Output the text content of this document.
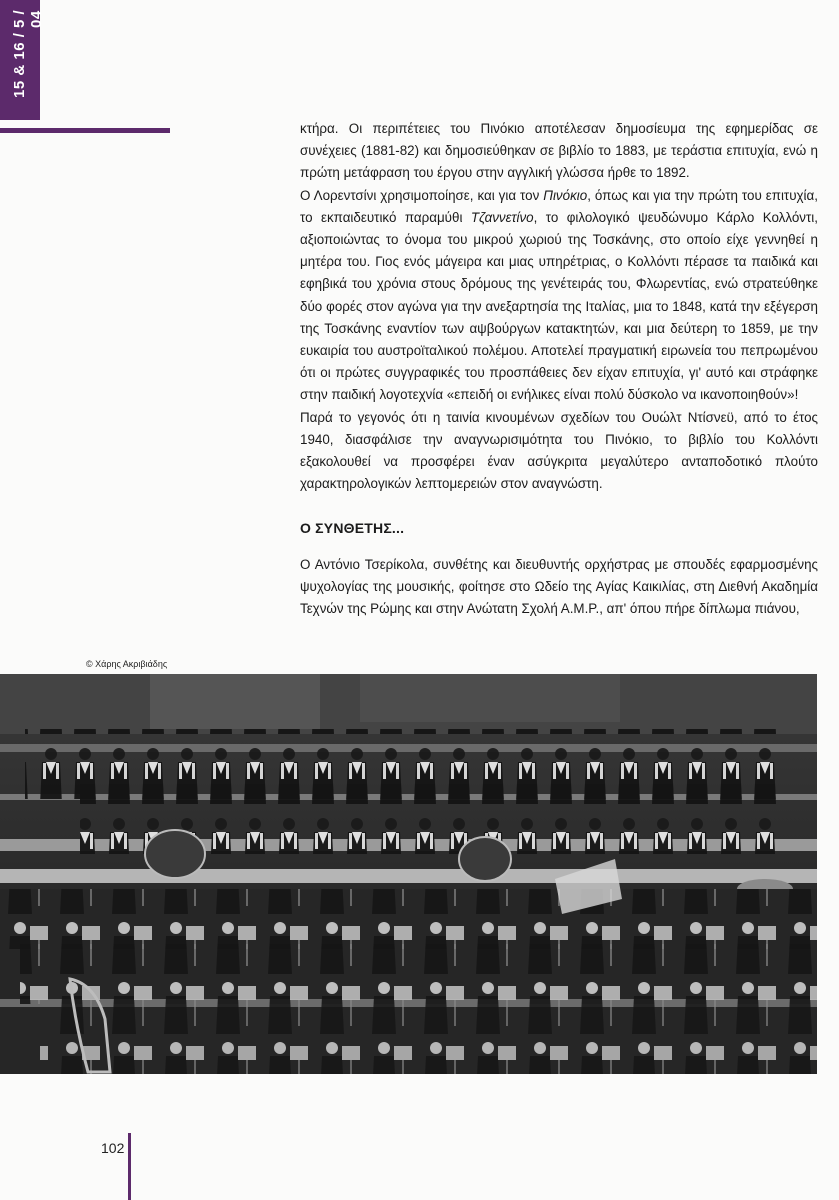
15 & 16 / 5 / 04

κτήρα. Οι περιπέτειες του Πινόκιο αποτέλεσαν δημοσίευμα της εφημερίδας σε συνέχειες (1881-82) και δημοσιεύθηκαν σε βιβλίο το 1883, με τεράστια επιτυχία, ενώ η πρώτη μετάφραση του έργου στην αγγλική γλώσσα ήρθε το 1892.

Ο Λορεντσίνι χρησιμοποίησε, και για τον Πινόκιο, όπως και για την πρώτη του επιτυχία, το εκπαιδευτικό παραμύθι Τζαννετίνο, το φιλολογικό ψευδώνυμο Κάρλο Κολλόντι, αξιοποιώντας το όνομα του μικρού χωριού της Τοσκάνης, στο οποίο είχε γεννηθεί η μητέρα του. Γιος ενός μάγειρα και μιας υπηρέτριας, ο Κολλόντι πέρασε τα παιδικά και εφηβικά του χρόνια στους δρόμους της γενέτειράς του, Φλωρεντίας, ενώ στρατεύθηκε δύο φορές στον αγώνα για την ανεξαρτησία της Ιταλίας, μια το 1848, κατά την εξέγερση της Τοσκάνης εναντίον των αψβούργων κατακτητών, και μια δεύτερη το 1859, με την ευκαιρία του αυστροϊταλικού πολέμου. Αποτελεί πραγματική ειρωνεία του πεπρωμένου ότι οι πρώτες συγγραφικές του προσπάθειες δεν είχαν επιτυχία, γι' αυτό και στράφηκε στην παιδική λογοτεχνία «επειδή οι ενήλικες είναι πολύ δύσκολο να ικανοποιηθούν»!

Παρά το γεγονός ότι η ταινία κινουμένων σχεδίων του Ουώλτ Ντίσνεϋ, από το έτος 1940, διασφάλισε την αναγνωρισιμότητα του Πινόκιο, το βιβλίο του Κολλόντι εξακολουθεί να προσφέρει έναν ασύγκριτα μεγαλύτερο ανταποδοτικό πλούτο χαρακτηρολογικών λεπτομερειών στον αναγνώστη.

Ο ΣΥΝΘΕΤΗΣ...

Ο Αντόνιο Τσερίκολα, συνθέτης και διευθυντής ορχήστρας με σπουδές εφαρμοσμένης ψυχολογίας της μουσικής, φοίτησε στο Ωδείο της Αγίας Καικιλίας, στη Διεθνή Ακαδημία Τεχνών της Ρώμης και στην Ανώτατη Σχολή Α.Μ.Ρ., απ' όπου πήρε δίπλωμα πιάνου,

© Χάρης Ακριβιάδης
102
